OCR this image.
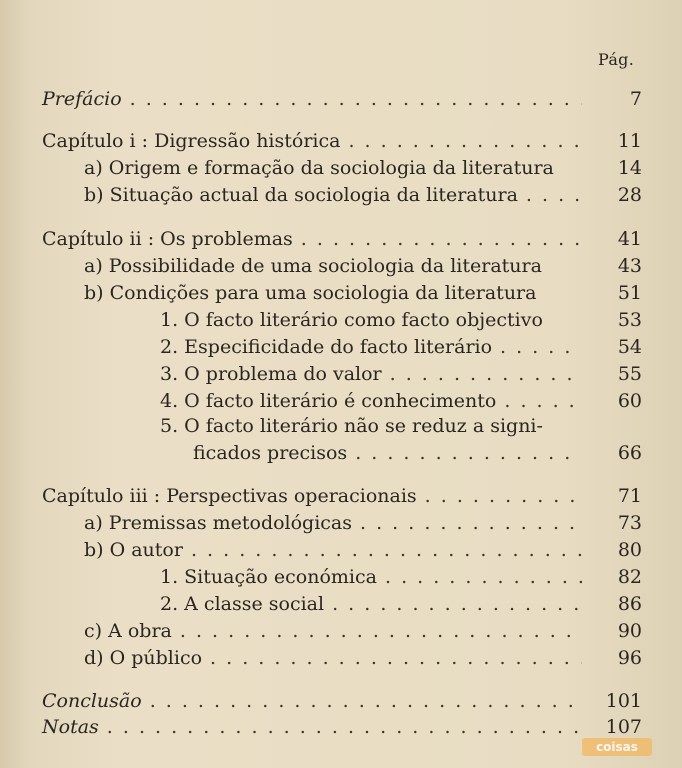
Pág.
Prefácio . . .	7
Capítulo i : Digressão histórica . . .	11
a) Origem e formação da sociologia da literatura	14
b) Situação actual da sociologia da literatura . . .	28
Capítulo ii : Os problemas . . .	41
a) Possibilidade de uma sociologia da literatura	43
b) Condições para uma sociologia da literatura	51
1. O facto literário como facto objectivo	53
2. Especificidade do facto literário . . .	54
3. O problema do valor . . .	55
4. O facto literário é conhecimento . . .	60
5. O facto literário não se reduz a signi-
ficados precisos . . .	66
Capítulo iii : Perspectivas operacionais . . .	71
a) Premissas metodológicas . . .	73
b) O autor . . .	80
1. Situação económica . . .	82
2. A classe social . . .	86
c) A obra . . .	90
d) O público . . .	96
Conclusão . . .	101
Notas . . .	107
coisas
